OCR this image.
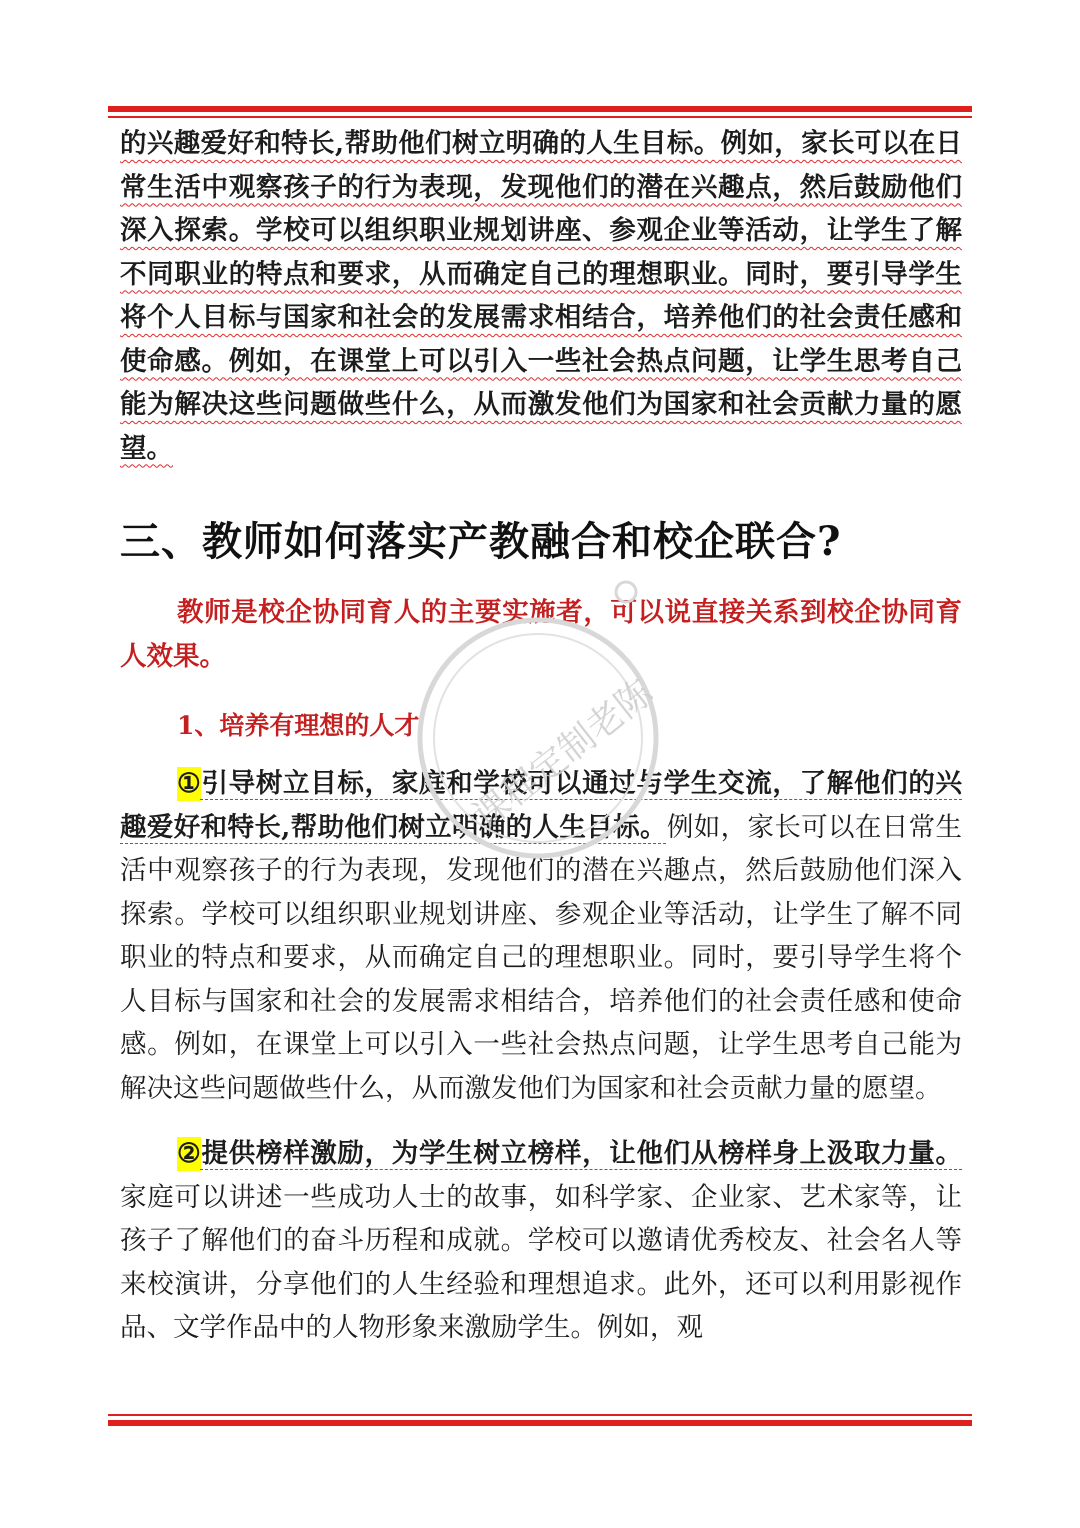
的兴趣爱好和特长,帮助他们树立明确的人生目标。例如，家长可以在日常生活中观察孩子的行为表现，发现他们的潜在兴趣点，然后鼓励他们深入探索。学校可以组织职业规划讲座、参观企业等活动，让学生了解不同职业的特点和要求，从而确定自己的理想职业。同时，要引导学生将个人目标与国家和社会的发展需求相结合，培养他们的社会责任感和使命感。例如，在课堂上可以引入一些社会热点问题，让学生思考自己能为解决这些问题做些什么，从而激发他们为国家和社会贡献力量的愿望。

三、教师如何落实产教融合和校企联合?

教师是校企协同育人的主要实施者，可以说直接关系到校企协同育人效果。

1、培养有理想的人才

①引导树立目标，家庭和学校可以通过与学生交流，了解他们的兴趣爱好和特长,帮助他们树立明确的人生目标。例如，家长可以在日常生活中观察孩子的行为表现，发现他们的潜在兴趣点，然后鼓励他们深入探索。学校可以组织职业规划讲座、参观企业等活动，让学生了解不同职业的特点和要求，从而确定自己的理想职业。同时，要引导学生将个人目标与国家和社会的发展需求相结合，培养他们的社会责任感和使命感。例如，在课堂上可以引入一些社会热点问题，让学生思考自己能为解决这些问题做些什么，从而激发他们为国家和社会贡献力量的愿望。

②提供榜样激励，为学生树立榜样，让他们从榜样身上汲取力量。家庭可以讲述一些成功人士的故事，如科学家、企业家、艺术家等，让孩子了解他们的奋斗历程和成就。学校可以邀请优秀校友、社会名人等来校演讲，分享他们的人生经验和理想追求。此外，还可以利用影视作品、文学作品中的人物形象来激励学生。例如，观

课程定制老陈
